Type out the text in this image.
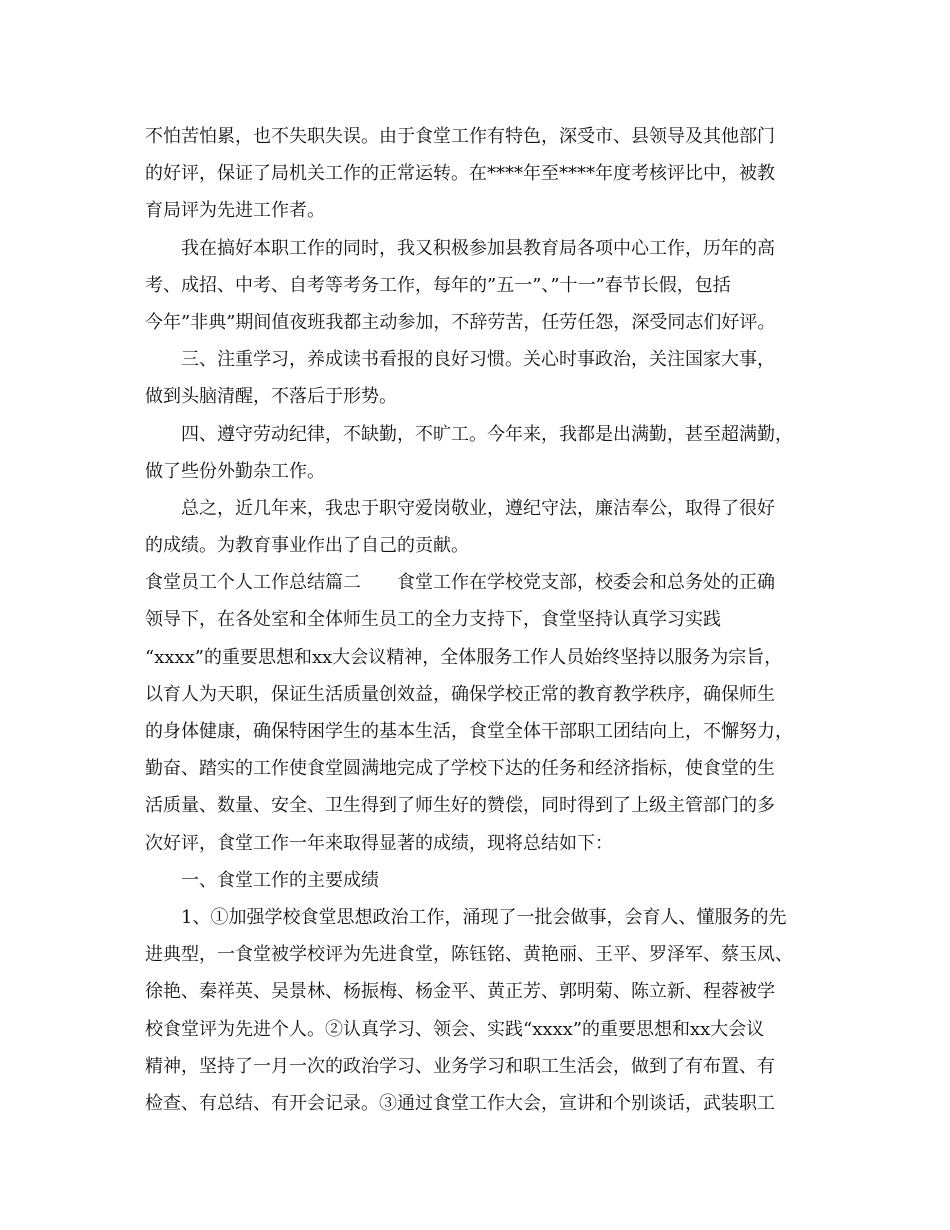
不怕苦怕累，也不失职失误。由于食堂工作有特色，深受市、县领导及其他部门
的好评，保证了局机关工作的正常运转。在****年至****年度考核评比中，被教
育局评为先进工作者。
我在搞好本职工作的同时，我又积极参加县教育局各项中心工作，历年的高
考、成招、中考、自考等考务工作，每年的”五一”、”十一”春节长假，包括
今年”非典”期间值夜班我都主动参加，不辞劳苦，任劳任怨，深受同志们好评。
三、注重学习，养成读书看报的良好习惯。关心时事政治，关注国家大事，
做到头脑清醒，不落后于形势。
四、遵守劳动纪律，不缺勤，不旷工。今年来，我都是出满勤，甚至超满勤，
做了些份外勤杂工作。
总之，近几年来，我忠于职守爱岗敬业，遵纪守法，廉洁奉公，取得了很好
的成绩。为教育事业作出了自己的贡献。
食堂员工个人工作总结篇二　　食堂工作在学校党支部，校委会和总务处的正确
领导下，在各处室和全体师生员工的全力支持下，食堂坚持认真学习实践
“xxxx”的重要思想和xx大会议精神，全体服务工作人员始终坚持以服务为宗旨，
以育人为天职，保证生活质量创效益，确保学校正常的教育教学秩序，确保师生
的身体健康，确保特困学生的基本生活，食堂全体干部职工团结向上，不懈努力，
勤奋、踏实的工作使食堂圆满地完成了学校下达的任务和经济指标，使食堂的生
活质量、数量、安全、卫生得到了师生好的赞偿，同时得到了上级主管部门的多
次好评，食堂工作一年来取得显著的成绩，现将总结如下：
一、食堂工作的主要成绩
1、①加强学校食堂思想政治工作，涌现了一批会做事，会育人、懂服务的先
进典型，一食堂被学校评为先进食堂，陈钰铭、黄艳丽、王平、罗泽军、蔡玉凤、
徐艳、秦祥英、吴景林、杨振梅、杨金平、黄正芳、郭明菊、陈立新、程蓉被学
校食堂评为先进个人。②认真学习、领会、实践“xxxx”的重要思想和xx大会议
精神，坚持了一月一次的政治学习、业务学习和职工生活会，做到了有布置、有
检查、有总结、有开会记录。③通过食堂工作大会，宣讲和个别谈话，武装职工
